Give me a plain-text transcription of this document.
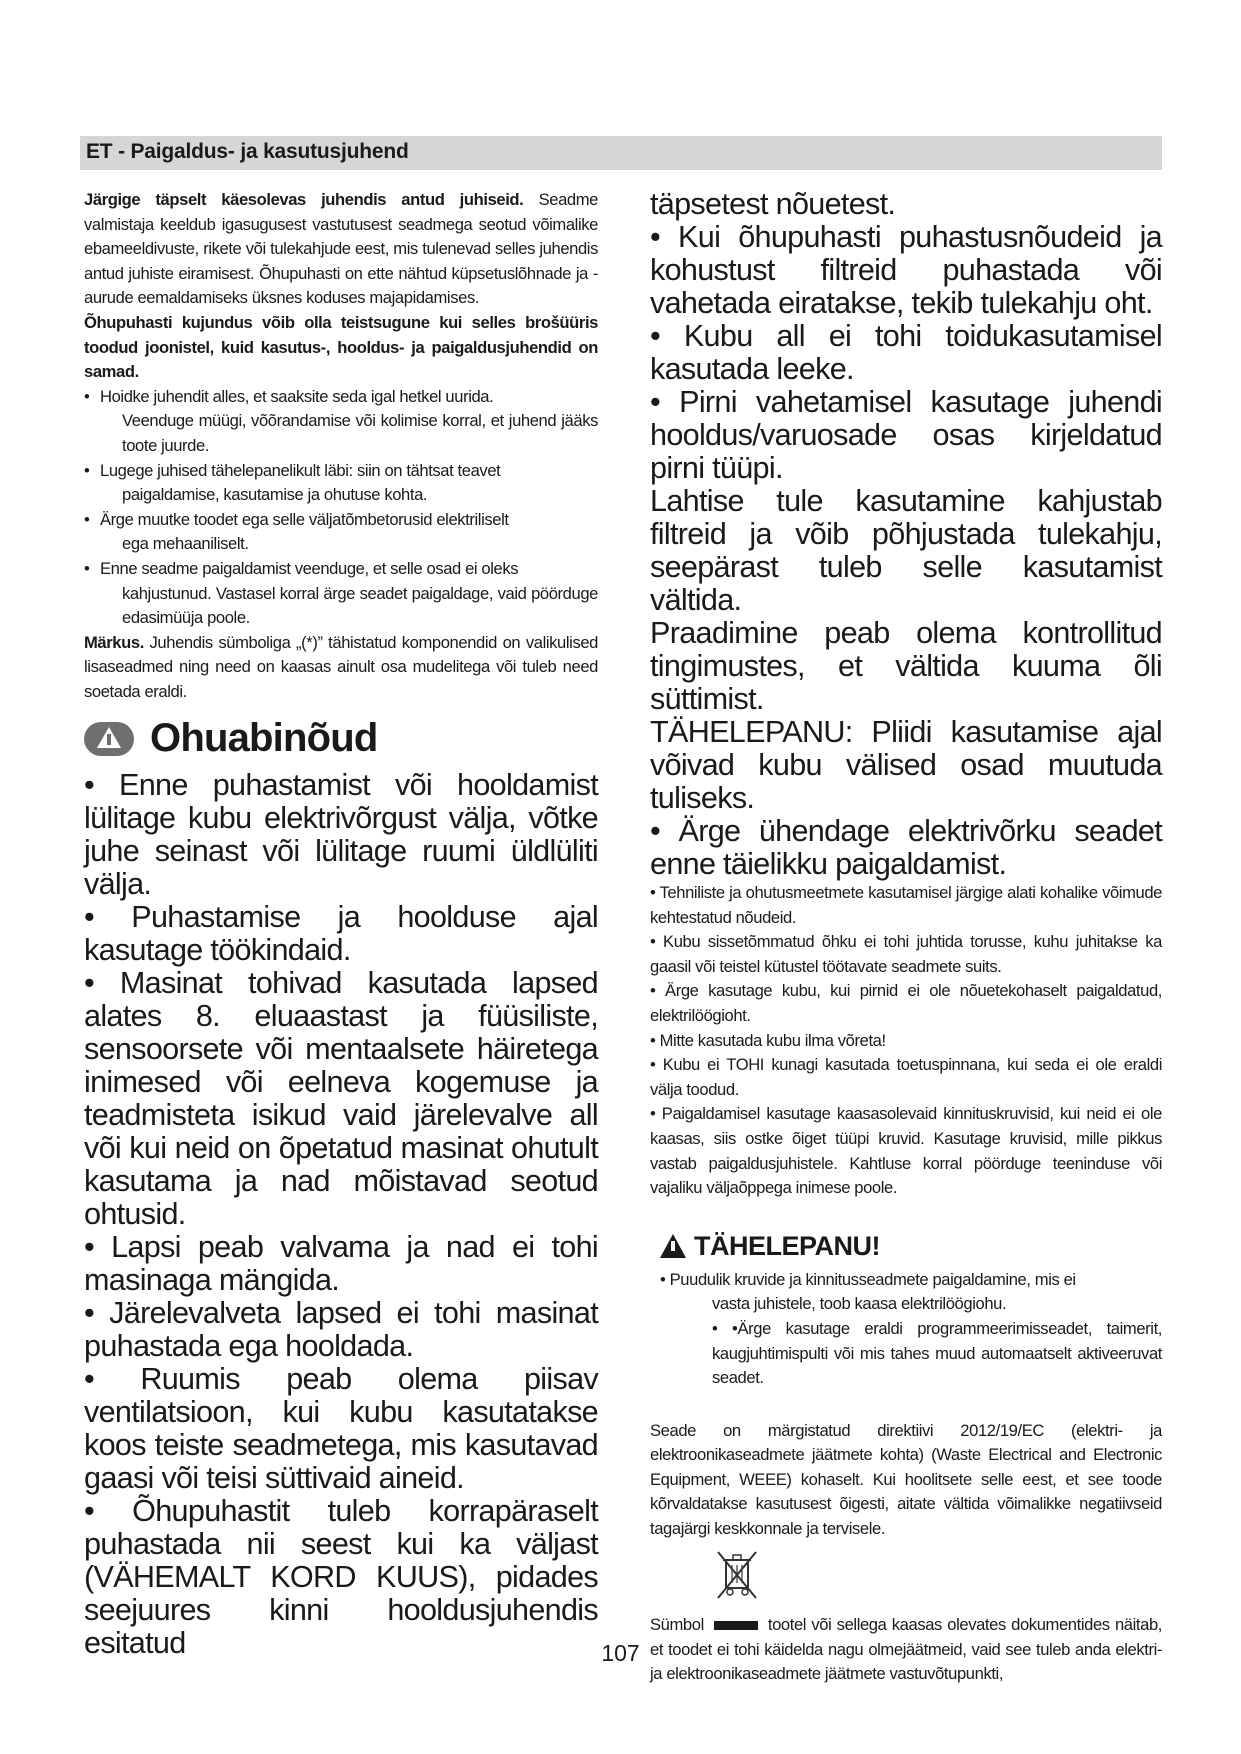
ET - Paigaldus- ja kasutusjuhend

Järgige täpselt käesolevas juhendis antud juhiseid. Seadme valmistaja keeldub igasugusest vastutusest seadmega seotud võimalike ebameeldivuste, rikete või tulekahjude eest, mis tulenevad selles juhendis antud juhiste eiramisest. Õhupuhasti on ette nähtud küpsetuslõhnade ja -aurude eemaldamiseks üksnes koduses majapidamises.

Õhupuhasti kujundus võib olla teistsugune kui selles brošüüris toodud joonistel, kuid kasutus-, hooldus- ja paigaldusjuhendid on samad.

• Hoidke juhendit alles, et saaksite seda igal hetkel uurida.
Veenduge müügi, võõrandamise või kolimise korral, et juhend jääks toote juurde.
• Lugege juhised tähelepanelikult läbi: siin on tähtsat teavet
paigaldamise, kasutamise ja ohutuse kohta.
• Ärge muutke toodet ega selle väljatõmbetorusid elektriliselt
ega mehaaniliselt.
• Enne seadme paigaldamist veenduge, et selle osad ei oleks
kahjustunud. Vastasel korral ärge seadet paigaldage, vaid pöörduge edasimüüja poole.

Märkus. Juhendis sümboliga „(*)” tähistatud komponendid on valikulised lisaseadmed ning need on kaasas ainult osa mudelitega või tuleb need soetada eraldi.

Ohuabinõud

• Enne puhastamist või hooldamist lülitage kubu elektrivõrgust välja, võtke juhe seinast või lülitage ruumi üldlüliti välja.

• Puhastamise ja hoolduse ajal kasutage töökindaid.

• Masinat tohivad kasutada lapsed alates 8. eluaastast ja füüsiliste, sensoorsete või mentaalsete häiretega inimesed või eelneva kogemuse ja teadmisteta isikud vaid järelevalve all või kui neid on õpetatud masinat ohutult kasutama ja nad mõistavad seotud ohtusid.

• Lapsi peab valvama ja nad ei tohi masinaga mängida.

• Järelevalveta lapsed ei tohi masinat puhastada ega hooldada.

• Ruumis peab olema piisav ventilatsioon, kui kubu kasutatakse koos teiste seadmetega, mis kasutavad gaasi või teisi süttivaid aineid.

• Õhupuhastit tuleb korrapäraselt puhastada nii seest kui ka väljast (VÄHEMALT KORD KUUS), pidades seejuures kinni hooldusjuhendis esitatud

täpsetest nõuetest.

• Kui õhupuhasti puhastusnõudeid ja kohustust filtreid puhastada või vahetada eiratakse, tekib tulekahju oht.

• Kubu all ei tohi toidukasutamisel kasutada leeke.

• Pirni vahetamisel kasutage juhendi hooldus/varuosade osas kirjeldatud pirni tüüpi.

Lahtise tule kasutamine kahjustab filtreid ja võib põhjustada tulekahju, seepärast tuleb selle kasutamist vältida.

Praadimine peab olema kontrollitud tingimustes, et vältida kuuma õli süttimist.

TÄHELEPANU: Pliidi kasutamise ajal võivad kubu välised osad muutuda tuliseks.

• Ärge ühendage elektrivõrku seadet enne täielikku paigaldamist.

• Tehniliste ja ohutusmeetmete kasutamisel järgige alati kohalike võimude kehtestatud nõudeid.

• Kubu sissetõmmatud õhku ei tohi juhtida torusse, kuhu juhitakse ka gaasil või teistel kütustel töötavate seadmete suits.

• Ärge kasutage kubu, kui pirnid ei ole nõuetekohaselt paigaldatud, elektrilöögioht.

• Mitte kasutada kubu ilma võreta!

• Kubu ei TOHI kunagi kasutada toetuspinnana, kui seda ei ole eraldi välja toodud.

• Paigaldamisel kasutage kaasasolevaid kinnituskruvisid, kui neid ei ole kaasas, siis ostke õiget tüüpi kruvid. Kasutage kruvisid, mille pikkus vastab paigaldusjuhistele. Kahtluse korral pöörduge teeninduse või vajaliku väljaõppega inimese poole.

TÄHELEPANU!

• Puudulik kruvide ja kinnitusseadmete paigaldamine, mis ei

vasta juhistele, toob kaasa elektrilöögiohu.

• •Ärge kasutage eraldi programmeerimisseadet, taimerit, kaugjuhtimispulti või mis tahes muud automaatselt aktiveeruvat seadet.

Seade on märgistatud direktiivi 2012/19/EC (elektri- ja elektroonikaseadmete jäätmete kohta) (Waste Electrical and Electronic Equipment, WEEE) kohaselt. Kui hoolitsete selle eest, et see toode kõrvaldatakse kasutusest õigesti, aitate vältida võimalikke negatiivseid tagajärgi keskkonnale ja tervisele.

Sümbol	tootel või sellega kaasas olevates dokumentides näitab, et toodet ei tohi käidelda nagu olmejäätmeid, vaid see tuleb anda elektri- ja elektroonikaseadmete jäätmete vastuvõtupunkti,

107
